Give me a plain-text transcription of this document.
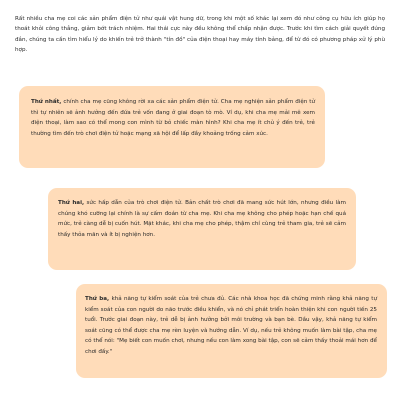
Rất nhiều cha mẹ coi các sản phẩm điện tử như quái vật hung dữ, trong khi một số khác lại xem đó như công cụ hữu ích giúp họ thoát khỏi công thẳng, giảm bớt trách nhiệm. Hai thái cực này đều không thể chấp nhận được. Trước khi tìm cách giải quyết đúng đắn, chúng ta cần tìm hiểu lý do khiến trẻ trở thành "tín đồ" của điện thoại hay máy tính bảng, để từ đó có phương pháp xử lý phù hợp.

Thứ nhất, chính cha mẹ cũng không rời xa các sản phẩm điện tử. Cha mẹ nghiện sản phẩm điện tử thì tự nhiên sẽ ảnh hưởng đến đứa trẻ vốn đang ở giai đoạn tò mò. Ví dụ, khi cha mẹ mải mê xem điện thoại, làm sao có thể mong con mình từ bỏ chiếc màn hình? Khi cha mẹ ít chủ ý đến trẻ, trẻ thường tìm đến trò chơi điện tử hoặc mạng xã hội để lấp đầy khoảng trống cảm xúc.

Thứ hai, sức hấp dẫn của trò chơi điện tử. Bản chất trò chơi đã mang sức hút lớn, nhưng điều làm chúng khó cưỡng lại chính là sự cấm đoán từ cha mẹ. Khi cha mẹ không cho phép hoặc hạn chế quá mức, trẻ càng dễ bị cuốn hút. Mặt khác, khi cha mẹ cho phép, thậm chí cùng trẻ tham gia, trẻ sẽ cảm thấy thỏa mãn và ít bị nghiện hơn.

Thứ ba, khả năng tự kiểm soát của trẻ chưa đủ. Các nhà khoa học đã chứng minh rằng khả năng tự kiểm soát của con người do não trước điều khiển, và nó chỉ phát triển hoàn thiện khi con người tiến 25 tuổi. Trước giai đoạn này, trẻ dễ bị ảnh hưởng bởi môi trường và bạn bè. Dầu vậy, khả năng tự kiểm soát cũng có thể được cha mẹ rèn luyện và hướng dẫn. Ví dụ, nếu trẻ không muốn làm bài tập, cha mẹ có thể nói: "Mẹ biết con muốn chơi, nhưng nếu con làm xong bài tập, con sẽ cảm thấy thoải mái hơn để chơi đấy."
